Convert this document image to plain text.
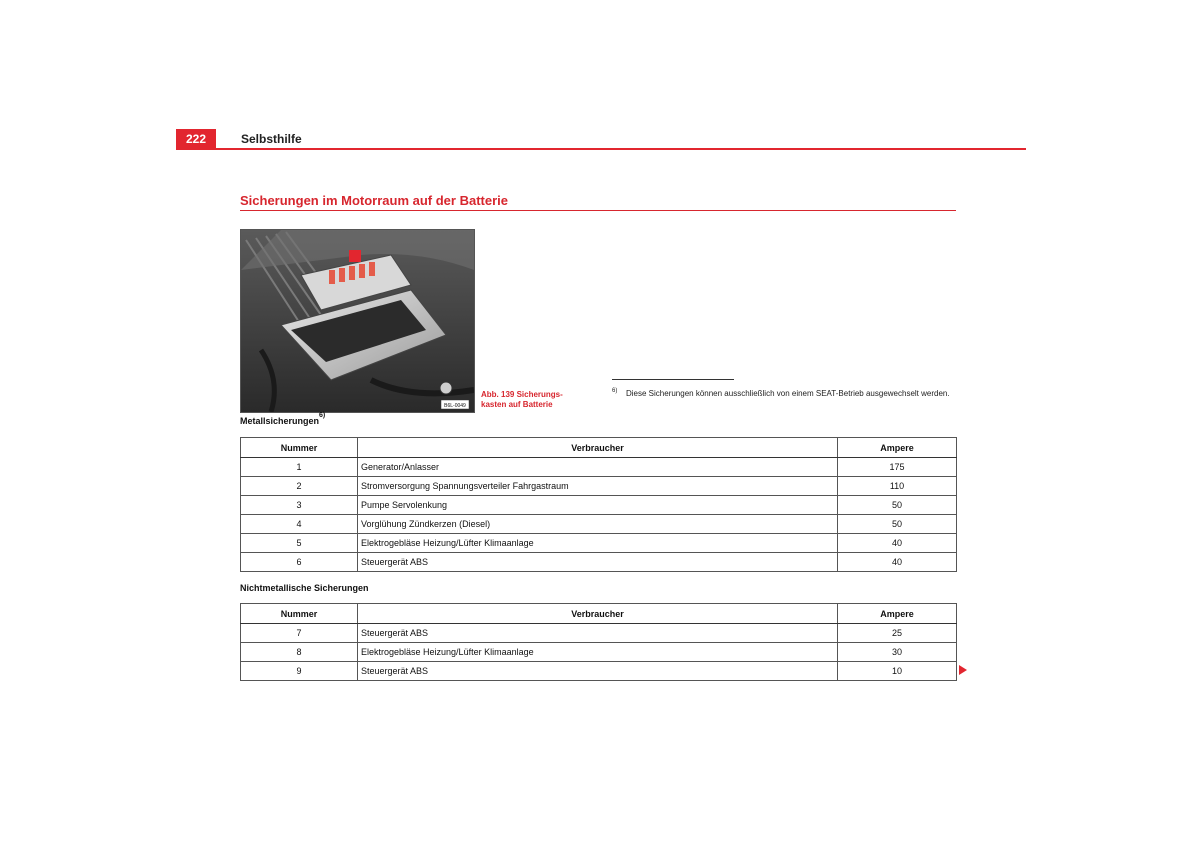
222	Selbsthilfe
Sicherungen im Motorraum auf der Batterie
B6L-0049
Abb. 139 Sicherungs-
kasten auf Batterie
$^{6)}$ Diese Sicherungen können ausschließlich von einem SEAT-Betrieb ausgewechselt werden.
Metallsicherungen$^{6)}$
Nummer	Verbraucher	Ampere
1	Generator/Anlasser	175
2	Stromversorgung Spannungsverteiler Fahrgastraum	110
3	Pumpe Servolenkung	50
4	Vorglühung Zündkerzen (Diesel)	50
5	Elektrogebläse Heizung/Lüfter Klimaanlage	40
6	Steuergerät ABS	40
Nichtmetallische Sicherungen
Nummer	Verbraucher	Ampere
7	Steuergerät ABS	25
8	Elektrogebläse Heizung/Lüfter Klimaanlage	30
9	Steuergerät ABS	10
